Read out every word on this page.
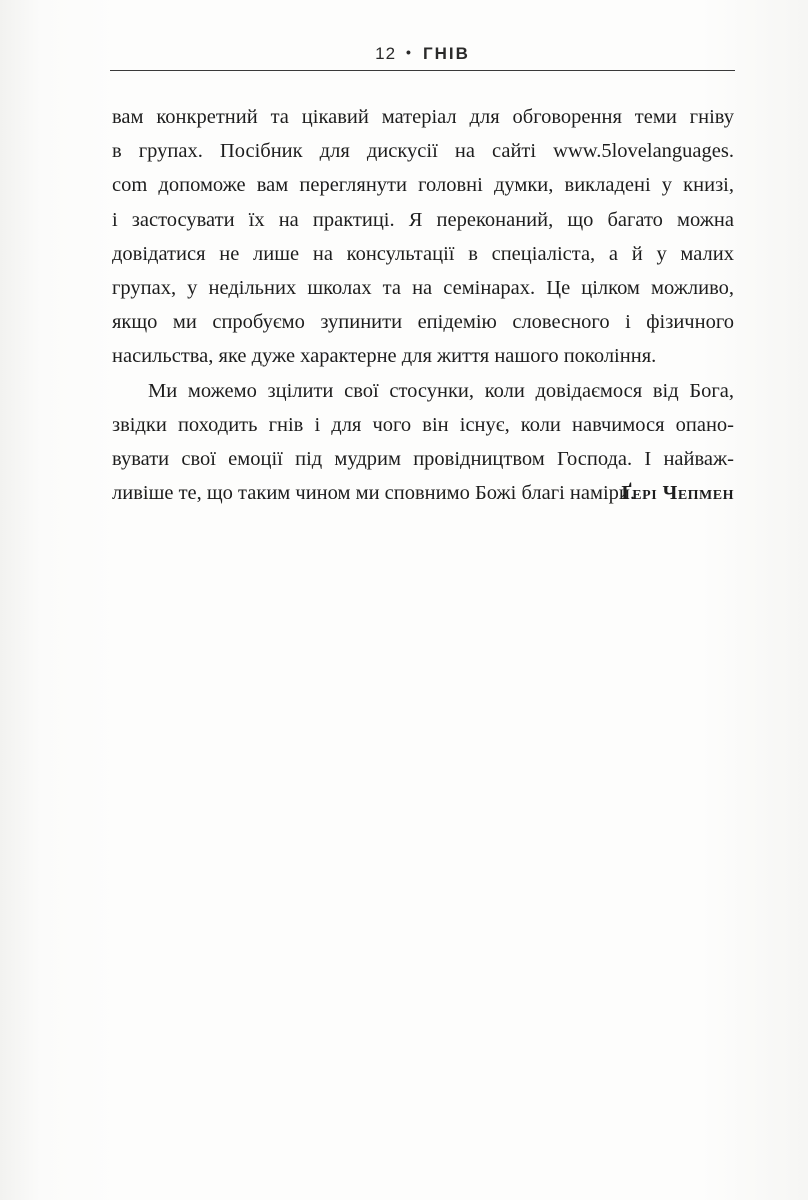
12 • ГНІВ
вам конкретний та цікавий матеріал для обговорення теми гніву
в групах. Посібник для дискусії на сайті www.5lovelanguages.
com допоможе вам переглянути головні думки, викладені у книзі,
і застосувати їх на практиці. Я переконаний, що багато можна
довідатися не лише на консультації в спеціаліста, а й у малих
групах, у недільних школах та на семінарах. Це цілком можливо,
якщо ми спробуємо зупинити епідемію словесного і фізичного
насильства, яке дуже характерне для життя нашого покоління.
Ми можемо зцілити свої стосунки, коли довідаємося від Бога,
звідки походить гнів і для чого він існує, коли навчимося опано-
вувати свої емоції під мудрим провідництвом Господа. І найваж-
ливіше те, що таким чином ми сповнимо Божі благі наміри.
Ґері Чепмен
